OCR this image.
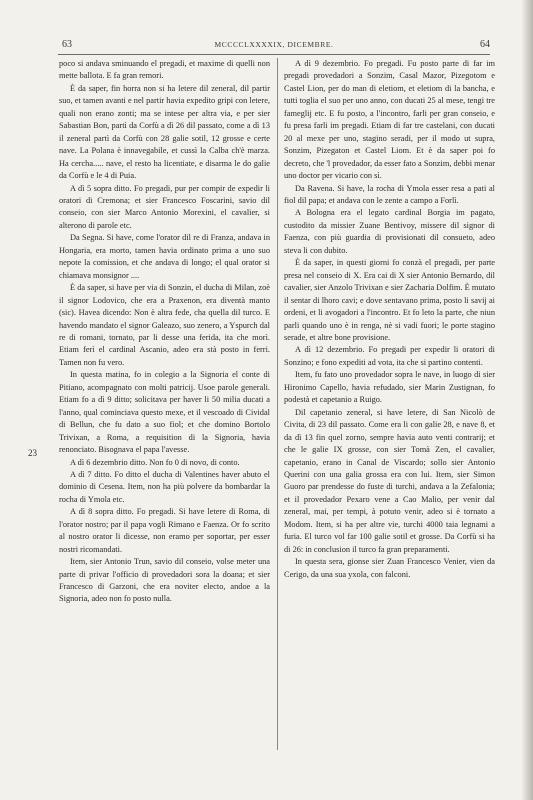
63	MCCCCLXXXXIX, DICEMBRE.	64
23

poco si andava sminuando el pregadi, et maxime di quelli non mette ballota. E fa gran remori.

È da saper, fin horra non si ha letere dil zeneral, dil partir suo, et tamen avanti e nel partir havia expedito gripi con letere, quali non erano zonti; ma se intese per altra via, e per sier Sabastian Bon, partì da Corfù a dì 26 dil passato, come a dì 13 il zeneral partì da Corfù con 28 galie sotil, 12 grosse e certe nave. La Polana è innavegabile, et cussì la Calba ch'è marza. Ha cercha..... nave, el resto ha licentiate, e disarma le do galie da Corfù e le 4 di Puia.

A dì 5 sopra ditto. Fo pregadi, pur per compir de expedir li oratori di Cremona; et sier Francesco Foscarini, savio dil conseio, con sier Marco Antonio Morexini, el cavalier, si alterono di parole etc.

Da Segna. Si have, come l'orator dil re di Franza, andava in Hongaria, era morto, tamen havia ordinato prima a uno suo nepote la comission, et che andava di longo; el qual orator si chiamava monsignor ....

È da saper, si have per via di Sonzin, el ducha di Milan, zoè il signor Lodovico, che era a Praxenon, era diventà manto (sic). Havea dicendo: Non è altra fede, cha quella dil turco. E havendo mandato el signor Galeazo, suo zenero, a Yspurch dal re di romani, tornato, par li desse una ferida, ita che morì. Etiam ferì el cardinal Ascanio, adeo era stà posto in ferri. Tamen non fu vero.

In questa matina, fo in colegio a la Signoria el conte di Pitiano, acompagnato con molti patricij. Usoe parole generali. Etiam fo a dì 9 ditto; solicitava per haver li 50 milia ducati a l'anno, qual cominciava questo mexe, et il vescoado di Cividal di Bellun, che fu dato a suo fiol; et che domino Bortolo Trivixan, a Roma, a requisition di la Signoria, havia renonciato. Bisognava el papa l'avesse.

A dì 6 dezembrio ditto. Non fo 0 di novo, di conto.

A dì 7 ditto. Fo ditto el ducha di Valentines haver abuto el dominio di Cesena. Item, non ha più polvere da bombardar la rocha di Ymola etc.

A dì 8 sopra ditto. Fo pregadi. Si have letere di Roma, di l'orator nostro; par il papa vogli Rimano e Faenza. Or fo scrito al nostro orator li dicesse, non eramo per soportar, per esser nostri ricomandati.

Item, sier Antonio Trun, savio dil conseio, volse meter una parte di privar l'officio di provedadori sora la doana; et sier Francesco di Garzoni, che era noviter electo, andoe a la Signoria, adeo non fo posto nulla.

A dì 9 dezembrio. Fo pregadi. Fu posto parte di far im pregadi provedadori a Sonzim, Casal Mazor, Pizegotom e Castel Lion, per do man di eletiom, et eletiom di la bancha, e tutti toglia el suo per uno anno, con ducati 25 al mese, tengi tre fameglij etc. E fu posto, a l'incontro, farli per gran conseio, e fu presa farli im pregadi. Etiam di far tre castelani, con ducati 20 al mexe per uno, stagino seradi, per il modo ut supra, Sonzim, Pizegaton et Castel Liom. Et è da saper poi fo decreto, che 'l provedador, da esser fato a Sonzim, debbi menar uno doctor per vicario con sì.

Da Ravena. Si have, la rocha di Ymola esser resa a pati al fiol dil papa; et andava con le zente a campo a Forlì.

A Bologna era el legato cardinal Borgia im pagato, custodito da missier Zuane Bentivoy, missere dil signor di Faenza, con più guardia di provisionati dil consueto, adeo steva li con dubito.

È da saper, in questi giorni fo conzà el pregadi, per parte presa nel conseio di X. Era cai di X sier Antonio Bernardo, dil cavalier, sier Anzolo Trivixan e sier Zacharia Dolfim. È mutato il sentar di lhoro cavi; e dove sentavano prima, posto li savij ai ordeni, et li avogadori a l'incontro. Et fo leto la parte, che niun parli quando uno è in renga, nè si vadi fuori; le porte stagino serade, et altre bone provisione.

A dì 12 dezembrio. Fo pregadi per expedir li oratori di Sonzino; e fono expediti ad vota, ita che si partino contenti.

Item, fu fato uno provedador sopra le nave, in luogo di sier Hironimo Capello, havia refudado, sier Marin Zustignan, fo podestà et capetanio a Ruigo.

Dil capetanio zeneral, si have letere, di San Nicolò de Civita, di 23 dil passato. Come era li con galie 28, e nave 8, et da dì 13 fin quel zorno, sempre havia auto venti contrarij; et che le galie IX grosse, con sier Tomà Zen, el cavalier, capetanio, erano in Canal de Viscardo; sollo sier Antonio Querini con una galia grossa era con lui. Item, sier Simon Guoro par prendesse do fuste di turchi, andava a la Zefalonia; et il provedador Pexaro vene a Cao Malio, per venir dal zeneral, mai, per tempi, à potuto venir, adeo si è tornato a Modom. Item, si ha per altre vie, turchi 4000 taia legnami a furia. El turco vol far 100 galie sotil et grosse. Da Corfù si ha di 26: in conclusion il turco fa gran preparamenti.

In questa sera, gionse sier Zuan Francesco Venier, vien da Cerigo, da una sua yxola, con falconi.
